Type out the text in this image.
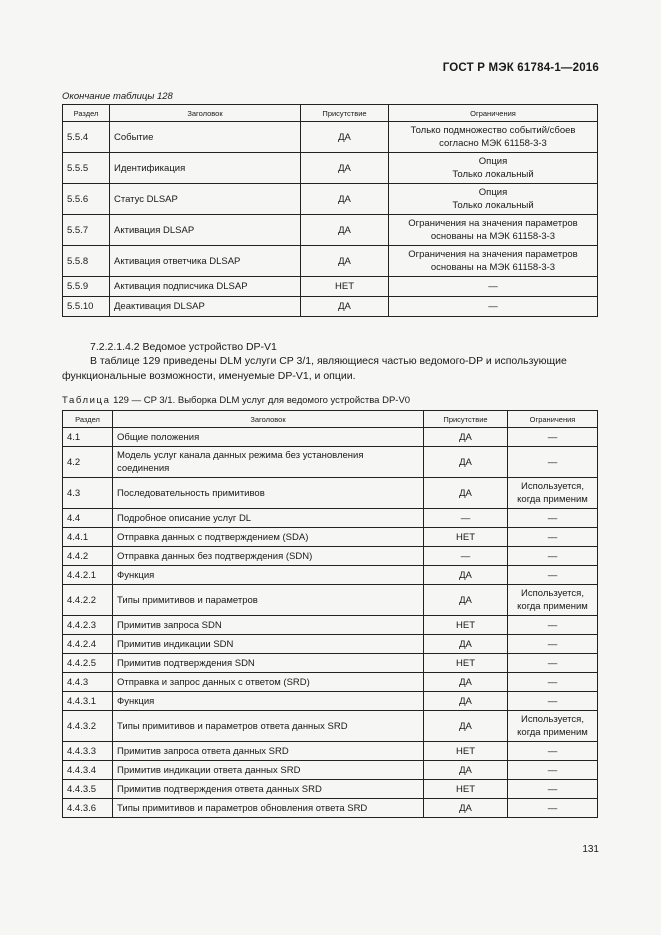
ГОСТ Р МЭК 61784-1—2016
Окончание таблицы 128
Раздел	Заголовок	Присутствие	Ограничения
5.5.4	Событие	ДА	Только подмножество событий/сбоев
согласно МЭК 61158-3-3

5.5.5	Идентификация	ДА	Опция
Только локальный

5.5.6	Статус DLSAP	ДА	Опция
Только локальный

5.5.7	Активация DLSAP	ДА	Ограничения на значения параметров
основаны на МЭК 61158-3-3

5.5.8	Активация ответчика DLSAP	ДА	Ограничения на значения параметров
основаны на МЭК 61158-3-3

5.5.9	Активация подписчика DLSAP	НЕТ	—

5.5.10	Деактивация DLSAP	ДА	—
7.2.2.1.4.2 Ведомое устройство DP-V1
В таблице 129 приведены DLM услуги CP 3/1, являющиеся частью ведомого-DP и использующие функциональные возможности, именуемые DP-V1, и опции.
Таблица 129 — CP 3/1. Выборка DLM услуг для ведомого устройства DP-V0
Раздел	Заголовок	Присутствие	Ограничения
4.1	Общие положения	ДА	—

4.2	Модель услуг канала данных режима без установления
соединения	ДА	—

4.3	Последовательность примитивов	ДА	Используется,
когда применим

4.4	Подробное описание услуг DL	—	—

4.4.1	Отправка данных с подтверждением (SDA)	НЕТ	—

4.4.2	Отправка данных без подтверждения (SDN)	—	—

4.4.2.1	Функция	ДА	—

4.4.2.2	Типы примитивов и параметров	ДА	Используется,
когда применим

4.4.2.3	Примитив запроса SDN	НЕТ	—

4.4.2.4	Примитив индикации SDN	ДА	—

4.4.2.5	Примитив подтверждения SDN	НЕТ	—

4.4.3	Отправка и запрос данных с ответом (SRD)	ДА	—

4.4.3.1	Функция	ДА	—

4.4.3.2	Типы примитивов и параметров ответа данных SRD	ДА	Используется,
когда применим

4.4.3.3	Примитив запроса ответа данных SRD	НЕТ	—

4.4.3.4	Примитив индикации ответа данных SRD	ДА	—

4.4.3.5	Примитив подтверждения ответа данных SRD	НЕТ	—

4.4.3.6	Типы примитивов и параметров обновления ответа SRD	ДА	—
131
